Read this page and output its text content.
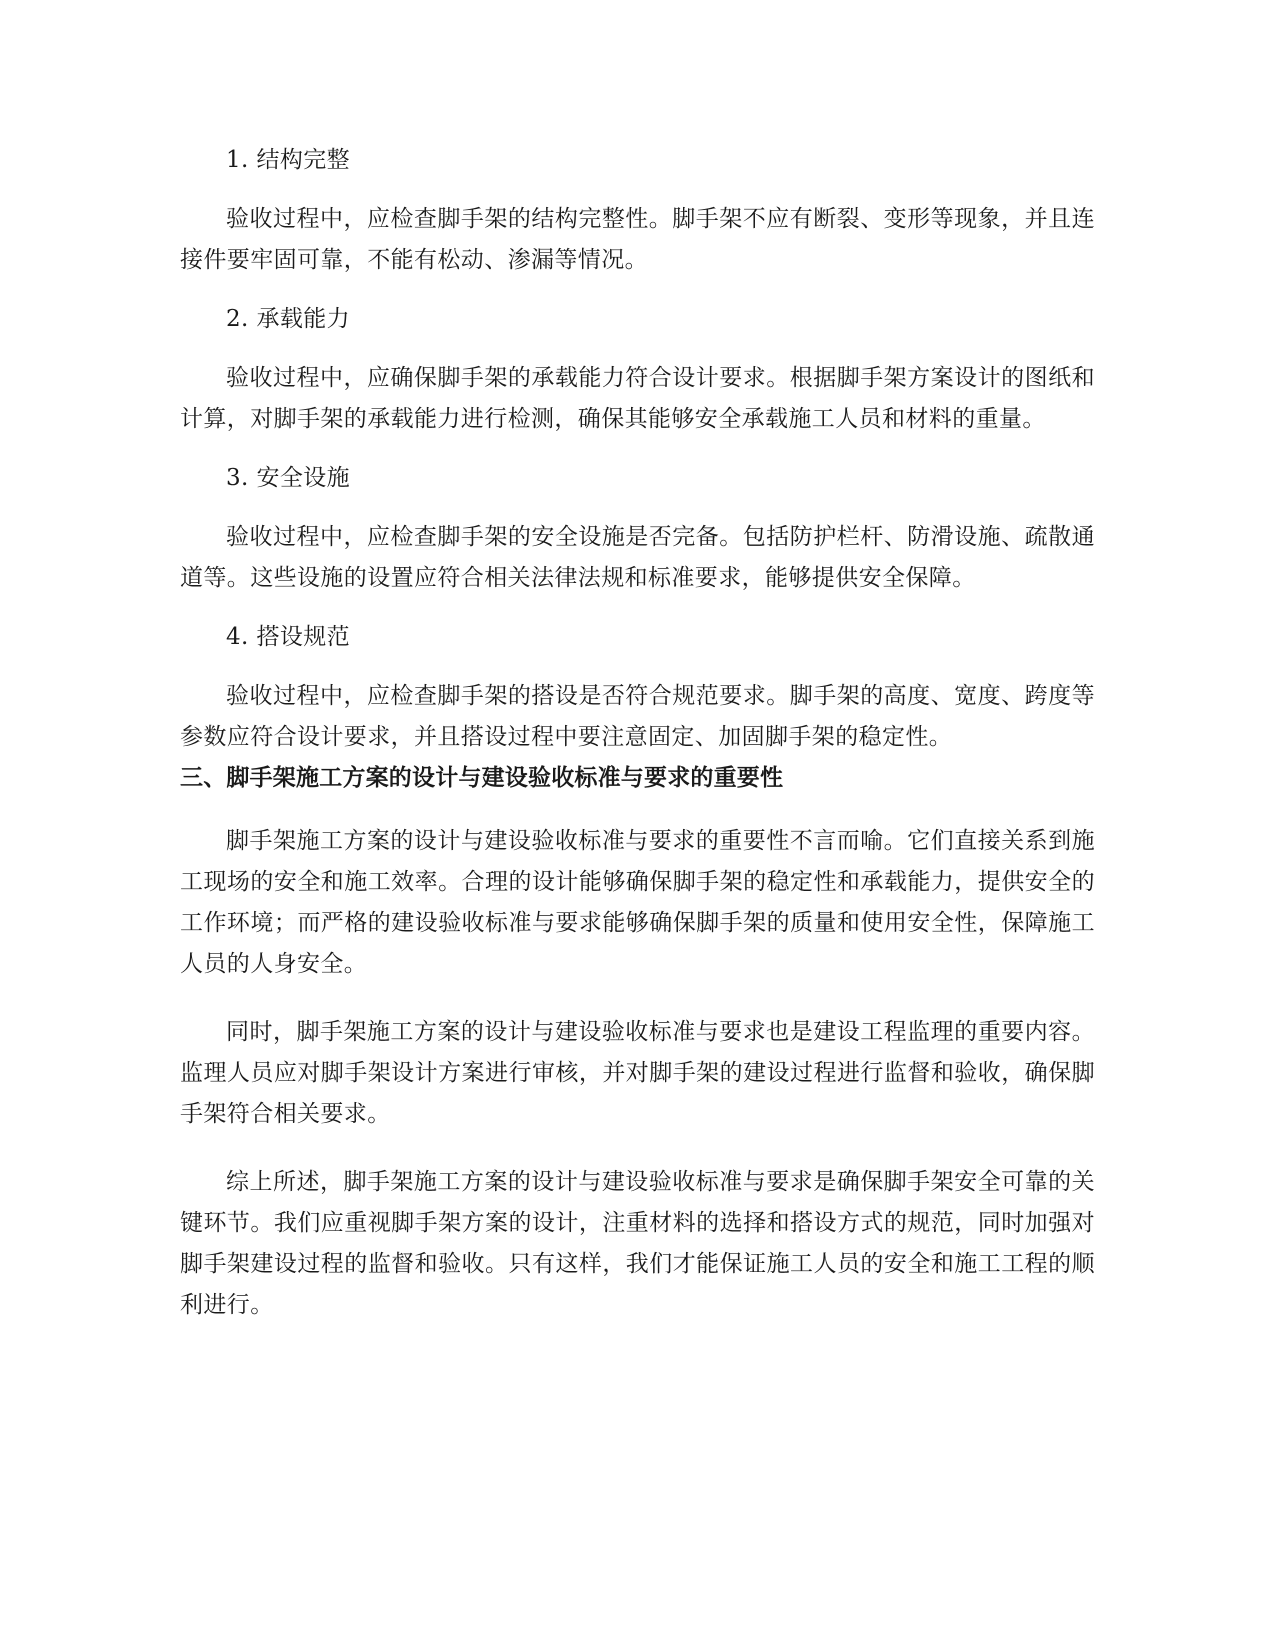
1. 结构完整

验收过程中，应检查脚手架的结构完整性。脚手架不应有断裂、变形等现象，并且连接件要牢固可靠，不能有松动、渗漏等情况。

2. 承载能力

验收过程中，应确保脚手架的承载能力符合设计要求。根据脚手架方案设计的图纸和计算，对脚手架的承载能力进行检测，确保其能够安全承载施工人员和材料的重量。

3. 安全设施

验收过程中，应检查脚手架的安全设施是否完备。包括防护栏杆、防滑设施、疏散通道等。这些设施的设置应符合相关法律法规和标准要求，能够提供安全保障。

4. 搭设规范

验收过程中，应检查脚手架的搭设是否符合规范要求。脚手架的高度、宽度、跨度等参数应符合设计要求，并且搭设过程中要注意固定、加固脚手架的稳定性。

三、脚手架施工方案的设计与建设验收标准与要求的重要性

脚手架施工方案的设计与建设验收标准与要求的重要性不言而喻。它们直接关系到施工现场的安全和施工效率。合理的设计能够确保脚手架的稳定性和承载能力，提供安全的工作环境；而严格的建设验收标准与要求能够确保脚手架的质量和使用安全性，保障施工人员的人身安全。

同时，脚手架施工方案的设计与建设验收标准与要求也是建设工程监理的重要内容。监理人员应对脚手架设计方案进行审核，并对脚手架的建设过程进行监督和验收，确保脚手架符合相关要求。

综上所述，脚手架施工方案的设计与建设验收标准与要求是确保脚手架安全可靠的关键环节。我们应重视脚手架方案的设计，注重材料的选择和搭设方式的规范，同时加强对脚手架建设过程的监督和验收。只有这样，我们才能保证施工人员的安全和施工工程的顺利进行。
